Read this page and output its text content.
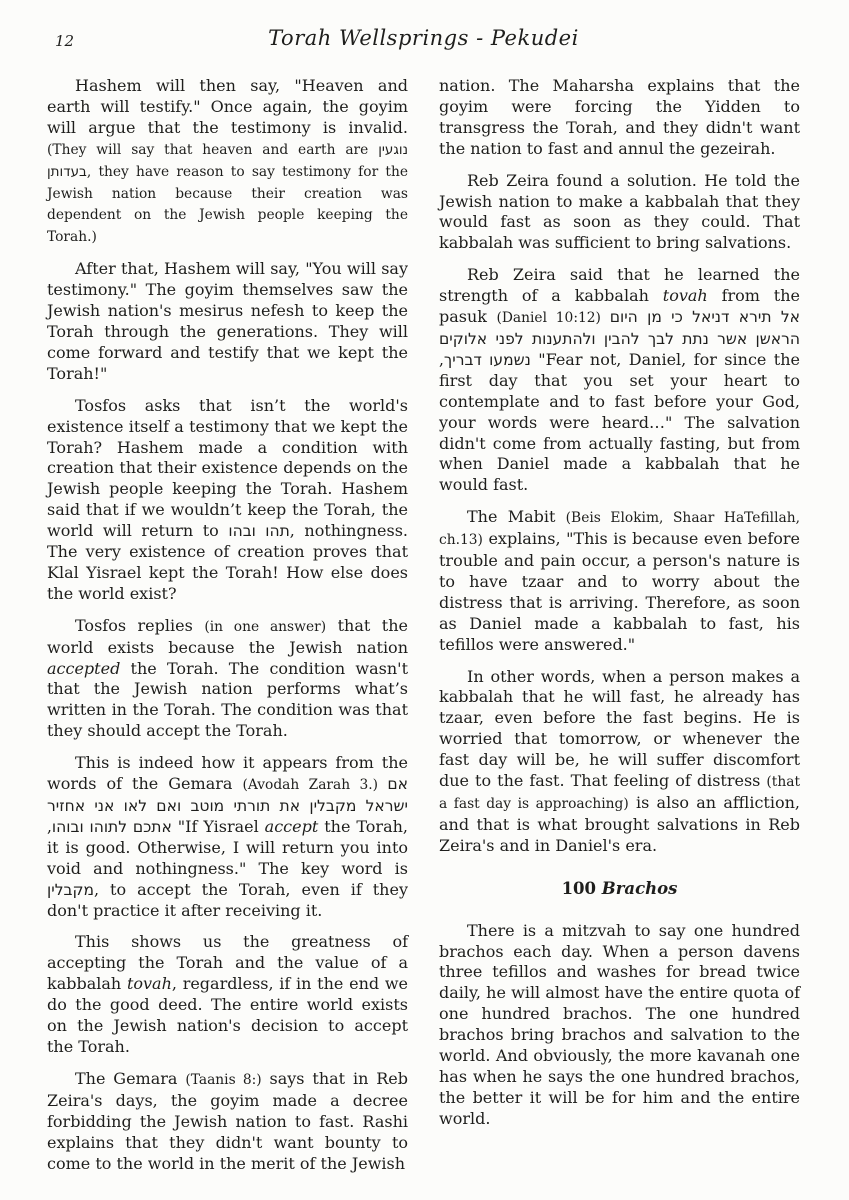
12	Torah Wellsprings - Pekudei

Hashem will then say, "Heaven and earth will testify." Once again, the goyim will argue that the testimony is invalid. (They will say that heaven and earth are נוגעין בעדותן, they have reason to say testimony for the Jewish nation because their creation was dependent on the Jewish people keeping the Torah.)

After that, Hashem will say, "You will say testimony." The goyim themselves saw the Jewish nation's mesirus nefesh to keep the Torah through the generations. They will come forward and testify that we kept the Torah!"

Tosfos asks that isn’t the world's existence itself a testimony that we kept the Torah? Hashem made a condition with creation that their existence depends on the Jewish people keeping the Torah. Hashem said that if we wouldn’t keep the Torah, the world will return to תהו ובהו, nothingness. The very existence of creation proves that Klal Yisrael kept the Torah! How else does the world exist?

Tosfos replies (in one answer) that the world exists because the Jewish nation accepted the Torah. The condition wasn't that the Jewish nation performs what’s written in the Torah. The condition was that they should accept the Torah.

This is indeed how it appears from the words of the Gemara (Avodah Zarah 3.) אם ישראל מקבלין את תורתי מוטב ואם לאו אני אחזיר אתכם לתוהו ובוהו, "If Yisrael accept the Torah, it is good. Otherwise, I will return you into void and nothingness." The key word is מקבלין, to accept the Torah, even if they don't practice it after receiving it.

This shows us the greatness of accepting the Torah and the value of a kabbalah tovah, regardless, if in the end we do the good deed. The entire world exists on the Jewish nation's decision to accept the Torah.

The Gemara (Taanis 8:) says that in Reb Zeira's days, the goyim made a decree forbidding the Jewish nation to fast. Rashi explains that they didn't want bounty to come to the world in the merit of the Jewish

nation. The Maharsha explains that the goyim were forcing the Yidden to transgress the Torah, and they didn't want the nation to fast and annul the gezeirah.

Reb Zeira found a solution. He told the Jewish nation to make a kabbalah that they would fast as soon as they could. That kabbalah was sufficient to bring salvations.

Reb Zeira said that he learned the strength of a kabbalah tovah from the pasuk (Daniel 10:12) אל תירא דניאל כי מן היום הראשן אשר נתת לבך להבין ולהתענות לפני אלוקים נשמעו דבריך, "Fear not, Daniel, for since the first day that you set your heart to contemplate and to fast before your God, your words were heard…" The salvation didn't come from actually fasting, but from when Daniel made a kabbalah that he would fast.

The Mabit (Beis Elokim, Shaar HaTefillah, ch.13) explains, "This is because even before trouble and pain occur, a person's nature is to have tzaar and to worry about the distress that is arriving. Therefore, as soon as Daniel made a kabbalah to fast, his tefillos were answered."

In other words, when a person makes a kabbalah that he will fast, he already has tzaar, even before the fast begins. He is worried that tomorrow, or whenever the fast day will be, he will suffer discomfort due to the fast. That feeling of distress (that a fast day is approaching) is also an affliction, and that is what brought salvations in Reb Zeira's and in Daniel's era.

100 Brachos

There is a mitzvah to say one hundred brachos each day. When a person davens three tefillos and washes for bread twice daily, he will almost have the entire quota of one hundred brachos. The one hundred brachos bring brachos and salvation to the world. And obviously, the more kavanah one has when he says the one hundred brachos, the better it will be for him and the entire world.
